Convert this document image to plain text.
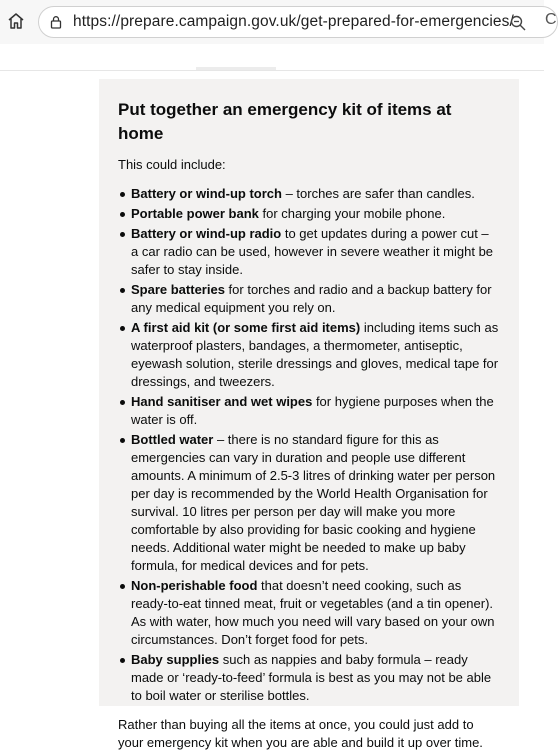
https://prepare.campaign.gov.uk/get-prepared-for-emergencies/ C
Put together an emergency kit of items at home

This could include:

Battery or wind-up torch – torches are safer than candles.
Portable power bank for charging your mobile phone.
Battery or wind-up radio to get updates during a power cut – a car radio can be used, however in severe weather it might be safer to stay inside.
Spare batteries for torches and radio and a backup battery for any medical equipment you rely on.
A first aid kit (or some first aid items) including items such as waterproof plasters, bandages, a thermometer, antiseptic, eyewash solution, sterile dressings and gloves, medical tape for dressings, and tweezers.
Hand sanitiser and wet wipes for hygiene purposes when the water is off.
Bottled water – there is no standard figure for this as emergencies can vary in duration and people use different amounts. A minimum of 2.5-3 litres of drinking water per person per day is recommended by the World Health Organisation for survival. 10 litres per person per day will make you more comfortable by also providing for basic cooking and hygiene needs. Additional water might be needed to make up baby formula, for medical devices and for pets.
Non-perishable food that doesn’t need cooking, such as ready-to-eat tinned meat, fruit or vegetables (and a tin opener). As with water, how much you need will vary based on your own circumstances. Don’t forget food for pets.
Baby supplies such as nappies and baby formula – ready made or ‘ready-to-feed’ formula is best as you may not be able to boil water or sterilise bottles.

Rather than buying all the items at once, you could just add to your emergency kit when you are able and build it up over time.
